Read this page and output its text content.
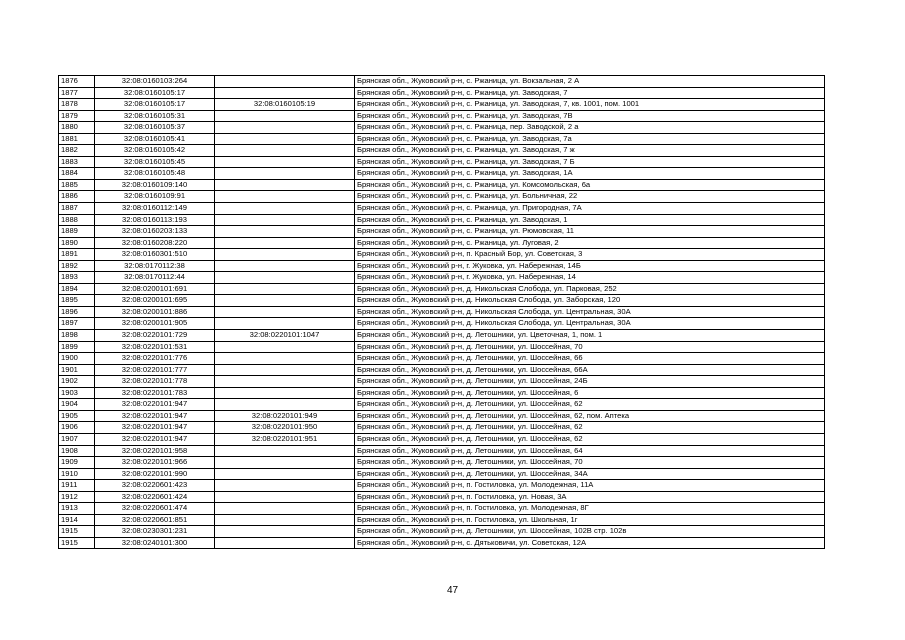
1876	32:08:0160103:264		Брянская обл., Жуковский р-н, с. Ржаница, ул. Вокзальная, 2 А
1877	32:08:0160105:17		Брянская обл., Жуковский р-н, с. Ржаница, ул. Заводская, 7
1878	32:08:0160105:17	32:08:0160105:19	Брянская обл., Жуковский р-н, с. Ржаница, ул. Заводская, 7, кв. 1001, пом. 1001
1879	32:08:0160105:31		Брянская обл., Жуковский р-н, с. Ржаница, ул. Заводская, 7В
1880	32:08:0160105:37		Брянская обл., Жуковский р-н, с. Ржаница, пер. Заводской, 2 а
1881	32:08:0160105:41		Брянская обл., Жуковский р-н, с. Ржаница, ул. Заводская, 7а
1882	32:08:0160105:42		Брянская обл., Жуковский р-н, с. Ржаница, ул. Заводская, 7 ж
1883	32:08:0160105:45		Брянская обл., Жуковский р-н, с. Ржаница, ул. Заводская, 7 Б
1884	32:08:0160105:48		Брянская обл., Жуковский р-н, с. Ржаница, ул. Заводская, 1А
1885	32:08:0160109:140		Брянская обл., Жуковский р-н, с. Ржаница, ул. Комсомольская, 6а
1886	32:08:0160109:91		Брянская обл., Жуковский р-н, с. Ржаница, ул. Больничная, 22
1887	32:08:0160112:149		Брянская обл., Жуковский р-н, с. Ржаница, ул. Пригородная, 7А
1888	32:08:0160113:193		Брянская обл., Жуковский р-н, с. Ржаница, ул. Заводская, 1
1889	32:08:0160203:133		Брянская обл., Жуковский р-н, с. Ржаница, ул. Рюмовская, 11
1890	32:08:0160208:220		Брянская обл., Жуковский р-н, с. Ржаница, ул. Луговая, 2
1891	32:08:0160301:510		Брянская обл., Жуковский р-н, п. Красный Бор, ул. Советская, 3
1892	32:08:0170112:38		Брянская обл., Жуковский р-н, г. Жуковка, ул. Набережная, 14Б
1893	32:08:0170112:44		Брянская обл., Жуковский р-н, г. Жуковка, ул. Набережная, 14
1894	32:08:0200101:691		Брянская обл., Жуковский р-н, д. Никольская Слобода, ул. Парковая, 252
1895	32:08:0200101:695		Брянская обл., Жуковский р-н, д. Никольская Слобода, ул. Заборская, 120
1896	32:08:0200101:886		Брянская обл., Жуковский р-н, д. Никольская Слобода, ул. Центральная, 30А
1897	32:08:0200101:905		Брянская обл., Жуковский р-н, д. Никольская Слобода, ул. Центральная, 30А
1898	32:08:0220101:729	32:08:0220101:1047	Брянская обл., Жуковский р-н, д. Летошники, ул. Цветочная, 1, пом. 1
1899	32:08:0220101:531		Брянская обл., Жуковский р-н, д. Летошники, ул. Шоссейная, 70
1900	32:08:0220101:776		Брянская обл., Жуковский р-н, д. Летошники, ул. Шоссейная, 66
1901	32:08:0220101:777		Брянская обл., Жуковский р-н, д. Летошники, ул. Шоссейная, 66А
1902	32:08:0220101:778		Брянская обл., Жуковский р-н, д. Летошники, ул. Шоссейная, 24Б
1903	32:08:0220101:783		Брянская обл., Жуковский р-н, д. Летошники, ул. Шоссейная, 6
1904	32:08:0220101:947		Брянская обл., Жуковский р-н, д. Летошники, ул. Шоссейная, 62
1905	32:08:0220101:947	32:08:0220101:949	Брянская обл., Жуковский р-н, д. Летошники, ул. Шоссейная, 62, пом. Аптека
1906	32:08:0220101:947	32:08:0220101:950	Брянская обл., Жуковский р-н, д. Летошники, ул. Шоссейная, 62
1907	32:08:0220101:947	32:08:0220101:951	Брянская обл., Жуковский р-н, д. Летошники, ул. Шоссейная, 62
1908	32:08:0220101:958		Брянская обл., Жуковский р-н, д. Летошники, ул. Шоссейная, 64
1909	32:08:0220101:966		Брянская обл., Жуковский р-н, д. Летошники, ул. Шоссейная, 70
1910	32:08:0220101:990		Брянская обл., Жуковский р-н, д. Летошники, ул. Шоссейная, 34А
1911	32:08:0220601:423		Брянская обл., Жуковский р-н, п. Гостиловка, ул. Молодежная, 11А
1912	32:08:0220601:424		Брянская обл., Жуковский р-н, п. Гостиловка, ул. Новая, 3А
1913	32:08:0220601:474		Брянская обл., Жуковский р-н, п. Гостиловка, ул. Молодежная, 8Г
1914	32:08:0220601:851		Брянская обл., Жуковский р-н, п. Гостиловка, ул. Школьная, 1г
1915	32:08:0230301:231		Брянская обл., Жуковский р-н, д. Летошники, ул. Шоссейная, 102В стр. 102в
1915	32:08:0240101:300		Брянская обл., Жуковский р-н, с. Дятьковичи, ул. Советская, 12А
47
